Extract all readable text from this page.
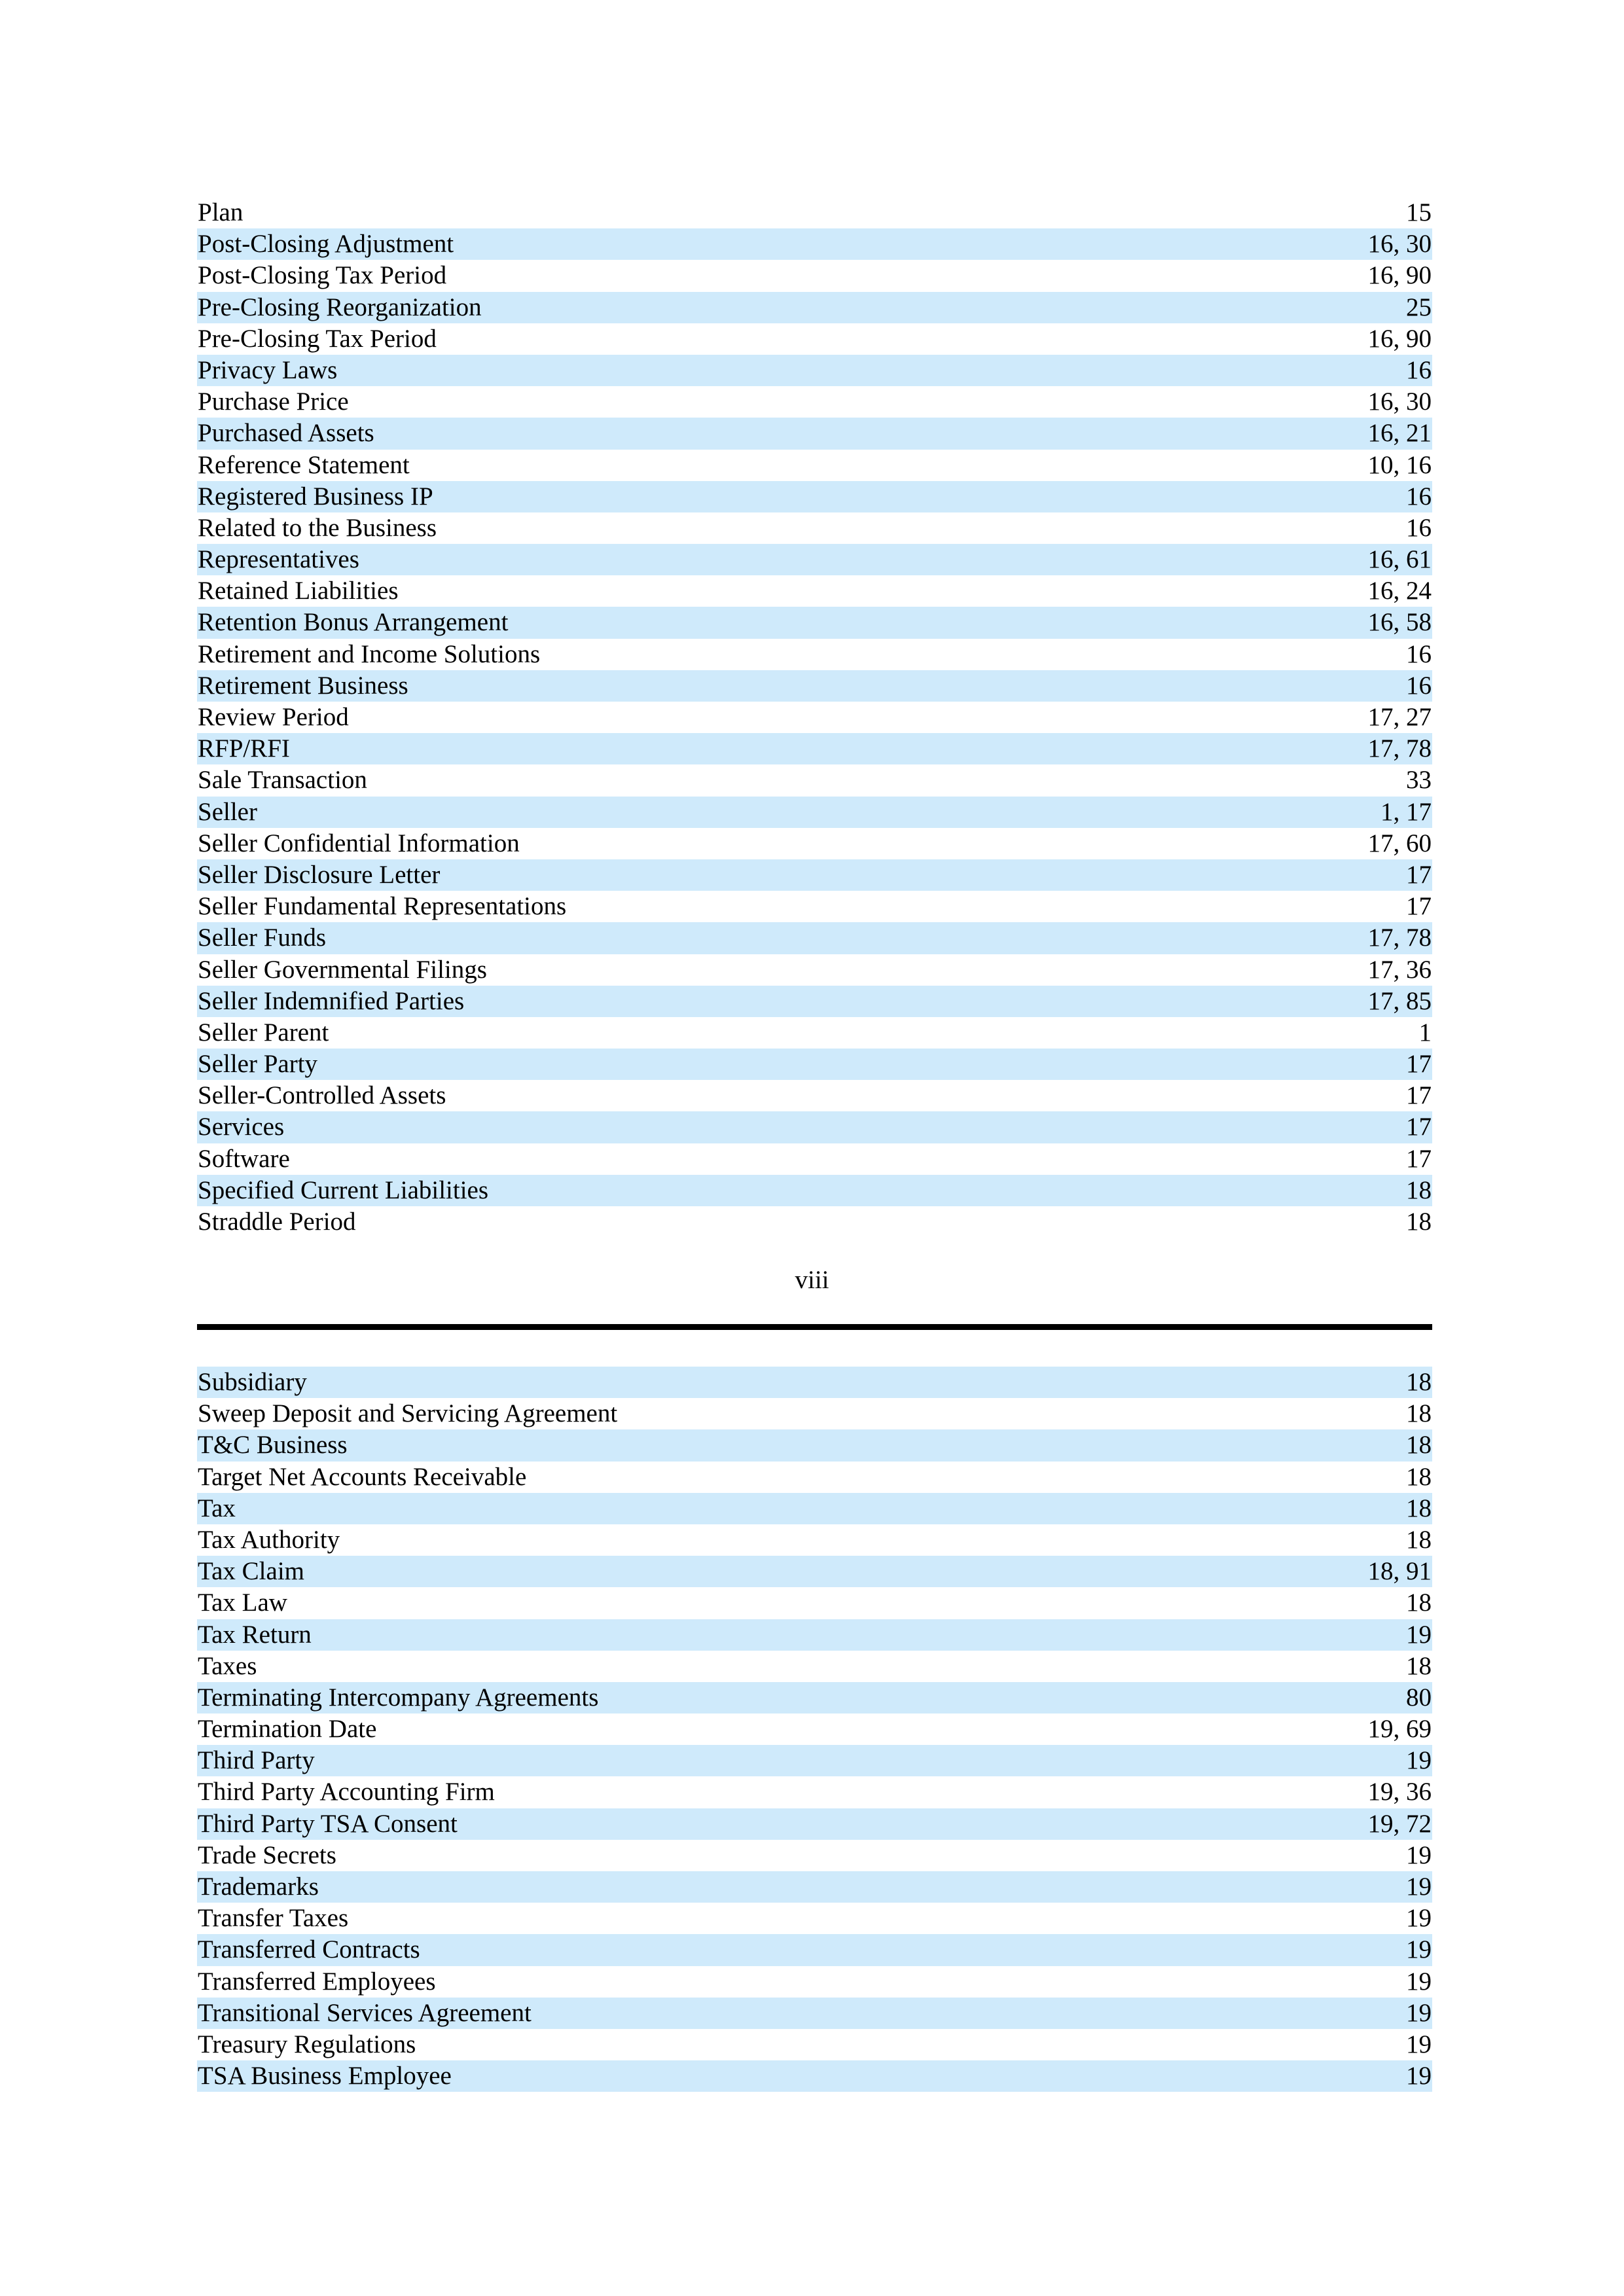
Plan	15
Post-Closing Adjustment	16, 30
Post-Closing Tax Period	16, 90
Pre-Closing Reorganization	25
Pre-Closing Tax Period	16, 90
Privacy Laws	16
Purchase Price	16, 30
Purchased Assets	16, 21
Reference Statement	10, 16
Registered Business IP	16
Related to the Business	16
Representatives	16, 61
Retained Liabilities	16, 24
Retention Bonus Arrangement	16, 58
Retirement and Income Solutions	16
Retirement Business	16
Review Period	17, 27
RFP/RFI	17, 78
Sale Transaction	33
Seller	1, 17
Seller Confidential Information	17, 60
Seller Disclosure Letter	17
Seller Fundamental Representations	17
Seller Funds	17, 78
Seller Governmental Filings	17, 36
Seller Indemnified Parties	17, 85
Seller Parent	1
Seller Party	17
Seller-Controlled Assets	17
Services	17
Software	17
Specified Current Liabilities	18
Straddle Period	18
viii
Subsidiary	18
Sweep Deposit and Servicing Agreement	18
T&C Business	18
Target Net Accounts Receivable	18
Tax	18
Tax Authority	18
Tax Claim	18, 91
Tax Law	18
Tax Return	19
Taxes	18
Terminating Intercompany Agreements	80
Termination Date	19, 69
Third Party	19
Third Party Accounting Firm	19, 36
Third Party TSA Consent	19, 72
Trade Secrets	19
Trademarks	19
Transfer Taxes	19
Transferred Contracts	19
Transferred Employees	19
Transitional Services Agreement	19
Treasury Regulations	19
TSA Business Employee	19
